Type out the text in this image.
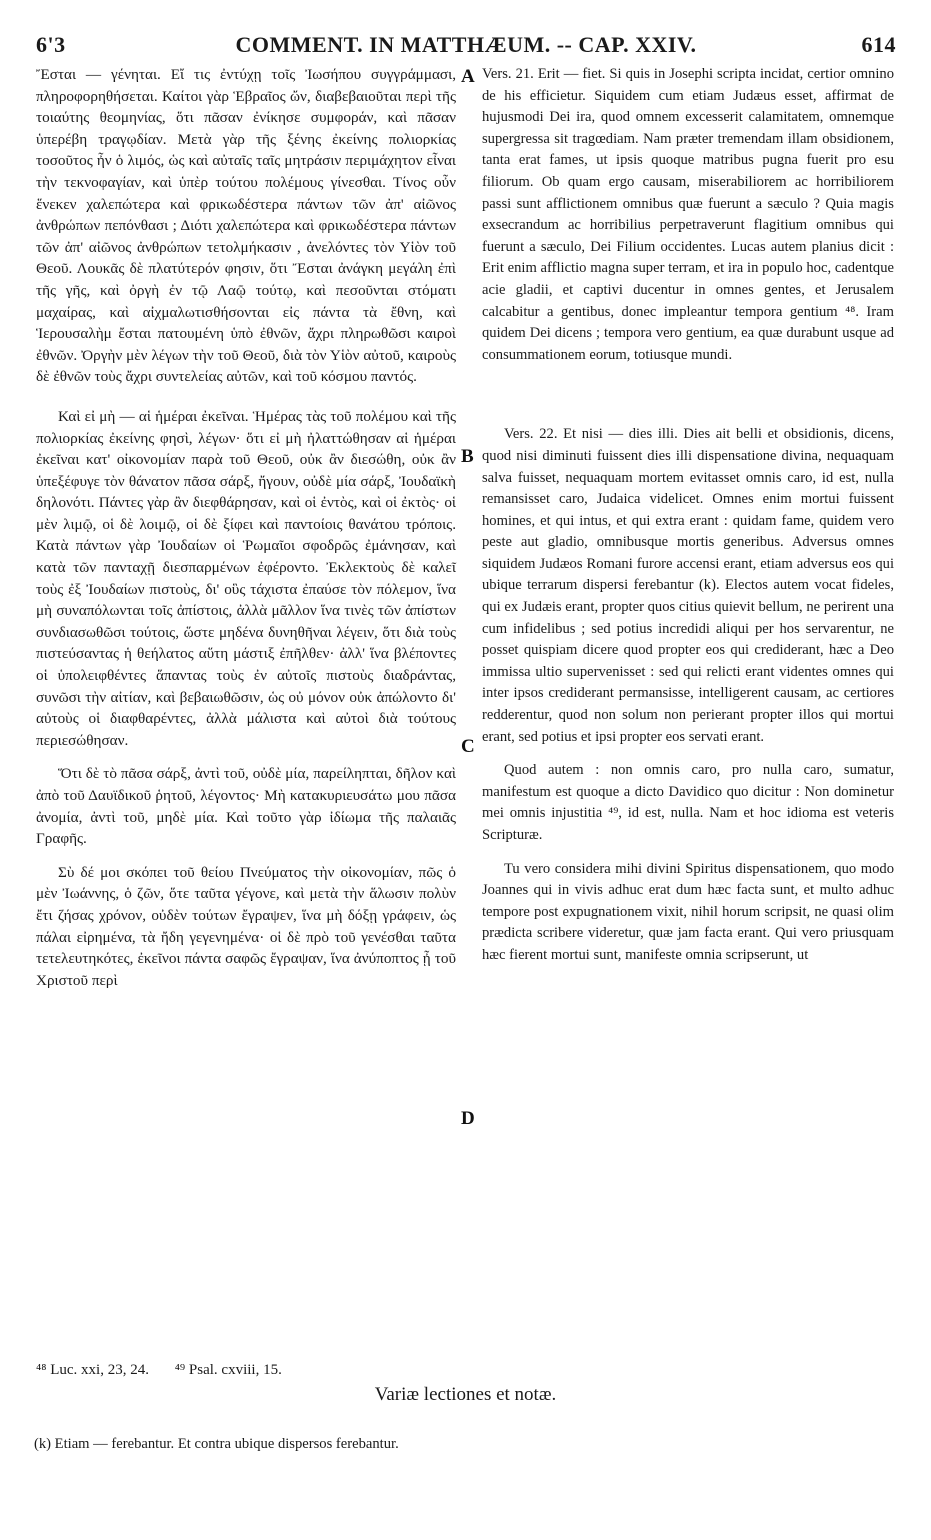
6'3	COMMENT. IN MATTHÆUM. -- CAP. XXIV.	614

Ἔσται — γένηται. Εἴ τις ἐντύχῃ τοῖς Ἰωσήπου συγγράμμασι, πληροφορηθήσεται. Καίτοι γὰρ Ἑβραῖος ὤν, διαβεβαιοῦται περὶ τῆς τοιαύτης θεομηνίας, ὅτι πᾶσαν ἐνίκησε συμφοράν, καὶ πᾶσαν ὑπερέβη τραγῳδίαν. Μετὰ γὰρ τῆς ξένης ἐκείνης πολιορκίας τοσοῦτος ἦν ὁ λιμός, ὡς καὶ αὐταῖς ταῖς μητράσιν περιμάχητον εἶναι τὴν τεκνοφαγίαν, καὶ ὑπὲρ τούτου πολέμους γίνεσθαι. Τίνος οὖν ἕνεκεν χαλεπώτερα καὶ φρικωδέστερα πάντων τῶν ἀπ' αἰῶνος ἀνθρώπων πεπόνθασι ; Διότι χαλεπώτερα καὶ φρικωδέστερα πάντων τῶν ἀπ' αἰῶνος ἀνθρώπων τετολμήκασιν , ἀνελόντες τὸν Υἱὸν τοῦ Θεοῦ. Λουκᾶς δὲ πλατύτερόν φησιν, ὅτι Ἔσται ἀνάγκη μεγάλη ἐπὶ τῆς γῆς, καὶ ὀργὴ ἐν τῷ Λαῷ τούτῳ, καὶ πεσοῦνται στόματι μαχαίρας, καὶ αἰχμαλωτισθήσονται εἰς πάντα τὰ ἔθνη, καὶ Ἱερουσαλὴμ ἔσται πατουμένη ὑπὸ ἐθνῶν, ἄχρι πληρωθῶσι καιροὶ ἐθνῶν. Ὀργὴν μὲν λέγων τὴν τοῦ Θεοῦ, διὰ τὸν Υἱὸν αὐτοῦ, καιροὺς δὲ ἐθνῶν τοὺς ἄχρι συντελείας αὐτῶν, καὶ τοῦ κόσμου παντός.

Καὶ εἰ μὴ — αἱ ἡμέραι ἐκεῖναι. Ἡμέρας τὰς τοῦ πολέμου καὶ τῆς πολιορκίας ἐκείνης φησὶ, λέγων· ὅτι εἰ μὴ ἠλαττώθησαν αἱ ἡμέραι ἐκεῖναι κατ' οἰκονομίαν παρὰ τοῦ Θεοῦ, οὐκ ἂν διεσώθη, οὐκ ἂν ὑπεξέφυγε τὸν θάνατον πᾶσα σάρξ, ἤγουν, οὐδὲ μία σάρξ, Ἰουδαϊκὴ δηλονότι. Πάντες γὰρ ἂν διεφθάρησαν, καὶ οἱ ἐντὸς, καὶ οἱ ἐκτὸς· οἱ μὲν λιμῷ, οἱ δὲ λοιμῷ, οἱ δὲ ξίφει καὶ παντοίοις θανάτου τρόποις. Κατὰ πάντων γὰρ Ἰουδαίων οἱ Ῥωμαῖοι σφοδρῶς ἐμάνησαν, καὶ κατὰ τῶν πανταχῇ διεσπαρμένων ἐφέροντο. Ἐκλεκτοὺς δὲ καλεῖ τοὺς ἐξ Ἰουδαίων πιστοὺς, δι' οὓς τάχιστα ἐπαύσε τὸν πόλεμον, ἵνα μὴ συναπόλωνται τοῖς ἀπίστοις, ἀλλὰ μᾶλλον ἵνα τινὲς τῶν ἀπίστων συνδιασωθῶσι τούτοις, ὥστε μηδένα δυνηθῆναι λέγειν, ὅτι διὰ τοὺς πιστεύσαντας ἡ θεήλατος αὕτη μάστιξ ἐπῆλθεν· ἀλλ' ἵνα βλέποντες οἱ ὑπολειφθέντες ἅπαντας τοὺς ἐν αὐτοῖς πιστοὺς διαδράντας, συνῶσι τὴν αἰτίαν, καὶ βεβαιωθῶσιν, ὡς οὐ μόνον οὐκ ἀπώλοντο δι' αὐτοὺς οἱ διαφθαρέντες, ἀλλὰ μάλιστα καὶ αὐτοὶ διὰ τούτους περιεσώθησαν.

Ὅτι δὲ τὸ πᾶσα σάρξ, ἀντὶ τοῦ, οὐδὲ μία, παρείληπται, δῆλον καὶ ἀπὸ τοῦ Δαυϊδικοῦ ῥητοῦ, λέγοντος· Μὴ κατακυριευσάτω μου πᾶσα ἀνομία, ἀντὶ τοῦ, μηδὲ μία. Καὶ τοῦτο γὰρ ἰδίωμα τῆς παλαιᾶς Γραφῆς.

Σὺ δέ μοι σκόπει τοῦ θείου Πνεύματος τὴν οἰκονομίαν, πῶς ὁ μὲν Ἰωάννης, ὁ ζῶν, ὅτε ταῦτα γέγονε, καὶ μετὰ τὴν ἅλωσιν πολὺν ἔτι ζήσας χρόνον, οὐδὲν τούτων ἔγραψεν, ἵνα μὴ δόξῃ γράφειν, ὡς πάλαι εἰρημένα, τὰ ἤδη γεγενημένα· οἱ δὲ πρὸ τοῦ γενέσθαι ταῦτα τετελευτηκότες, ἐκεῖνοι πάντα σαφῶς ἔγραψαν, ἵνα ἀνύποπτος ᾖ τοῦ Χριστοῦ περὶ

A
B
C
D

Vers. 21. Erit — fiet. Si quis in Josephi scripta incidat, certior omnino de his efficietur. Siquidem cum etiam Judæus esset, affirmat de hujusmodi Dei ira, quod omnem excesserit calamitatem, omnemque supergressa sit tragœdiam. Nam præter tremendam illam obsidionem, tanta erat fames, ut ipsis quoque matribus pugna fuerit pro esu filiorum. Ob quam ergo causam, miserabiliorem ac horribiliorem passi sunt afflictionem omnibus quæ fuerunt a sæculo ? Quia magis exsecrandum ac horribilius perpetraverunt flagitium omnibus qui fuerunt a sæculo, Dei Filium occidentes. Lucas autem planius dicit : Erit enim afflictio magna super terram, et ira in populo hoc, cadentque acie gladii, et captivi ducentur in omnes gentes, et Jerusalem calcabitur a gentibus, donec impleantur tempora gentium ⁴⁸. Iram quidem Dei dicens ; tempora vero gentium, ea quæ durabunt usque ad consummationem eorum, totiusque mundi.

Vers. 22. Et nisi — dies illi. Dies ait belli et obsidionis, dicens, quod nisi diminuti fuissent dies illi dispensatione divina, nequaquam salva fuisset, nequaquam mortem evitasset omnis caro, id est, nulla remansisset caro, Judaica videlicet. Omnes enim mortui fuissent homines, et qui intus, et qui extra erant : quidam fame, quidem vero peste aut gladio, omnibusque mortis generibus. Adversus omnes siquidem Judæos Romani furore accensi erant, etiam adversus eos qui ubique terrarum dispersi ferebantur (k). Electos autem vocat fideles, qui ex Judæis erant, propter quos citius quievit bellum, ne perirent una cum infidelibus ; sed potius incredidi aliqui per hos servarentur, ne posset quispiam dicere quod propter eos qui crediderant, hæc a Deo immissa ultio supervenisset : sed qui relicti erant videntes omnes qui inter ipsos crediderant permansisse, intelligerent causam, ac certiores redderentur, quod non solum non perierant propter illos qui mortui erant, sed potius et ipsi propter eos servati erant.

Quod autem : non omnis caro, pro nulla caro, sumatur, manifestum est quoque a dicto Davidico quo dicitur : Non dominetur mei omnis injustitia ⁴⁹, id est, nulla. Nam et hoc idioma est veteris Scripturæ.

Tu vero considera mihi divini Spiritus dispensationem, quo modo Joannes qui in vivis adhuc erat dum hæc facta sunt, et multo adhuc tempore post expugnationem vixit, nihil horum scripsit, ne quasi olim prædicta scribere videretur, quæ jam facta erant. Qui vero priusquam hæc fierent mortui sunt, manifeste omnia scripserunt, ut

⁴⁸ Luc. xxi, 23, 24. ⁴⁹ Psal. cxviii, 15.
Variæ lectiones et notæ.
(k) Etiam — ferebantur. Et contra ubique dispersos ferebantur.
